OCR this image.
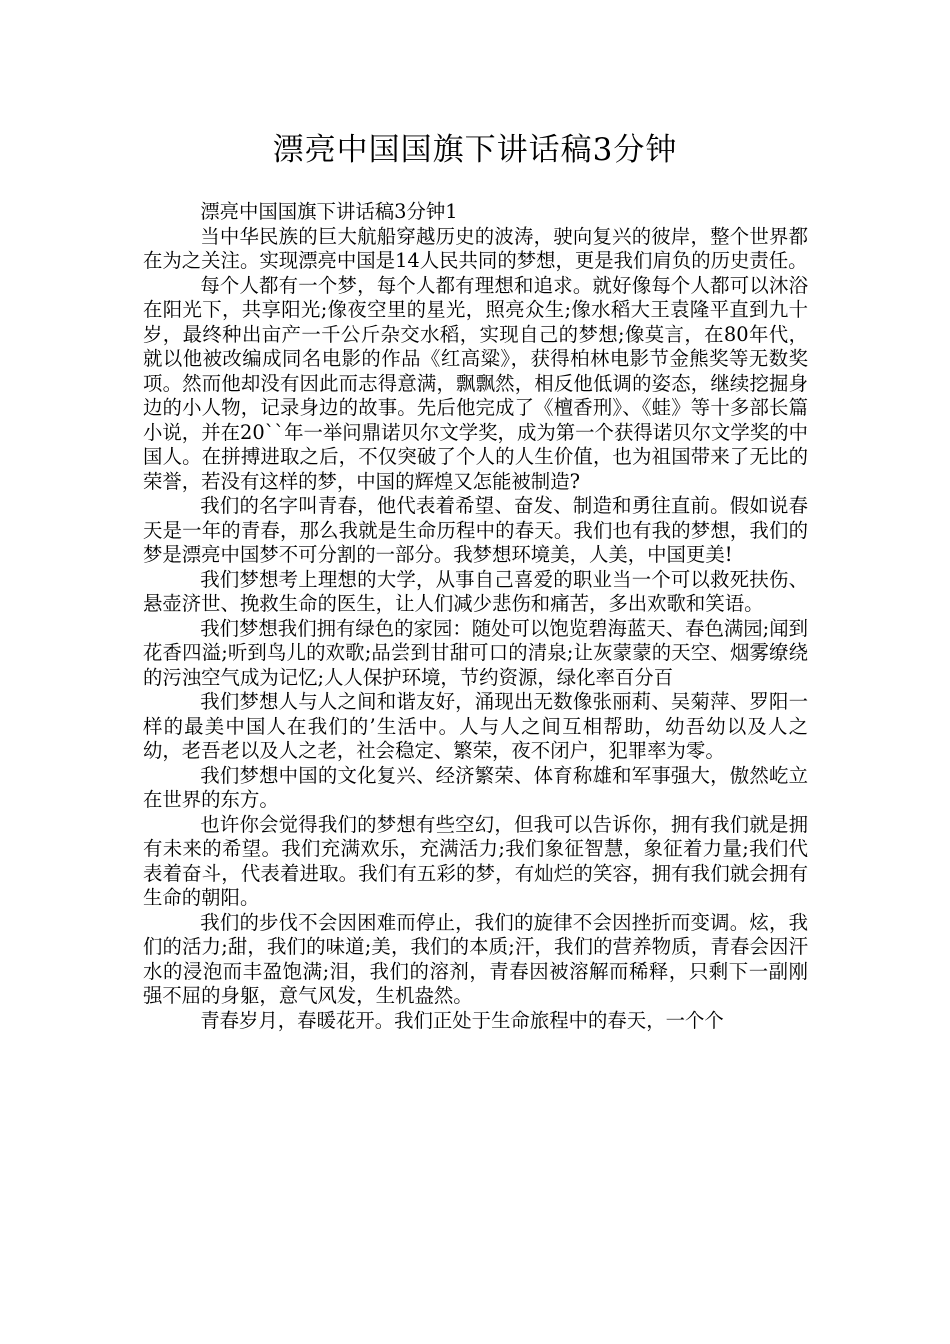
漂亮中国国旗下讲话稿3分钟

漂亮中国国旗下讲话稿3分钟1

当中华民族的巨大航船穿越历史的波涛，驶向复兴的彼岸，整个世界都在为之关注。实现漂亮中国是14人民共同的梦想，更是我们肩负的历史责任。

每个人都有一个梦，每个人都有理想和追求。就好像每个人都可以沐浴在阳光下，共享阳光;像夜空里的星光，照亮众生;像水稻大王袁隆平直到九十岁，最终种出亩产一千公斤杂交水稻，实现自己的梦想;像莫言，在80年代，就以他被改编成同名电影的作品《红高粱》，获得柏林电影节金熊奖等无数奖项。然而他却没有因此而志得意满，飘飘然，相反他低调的姿态，继续挖掘身边的小人物，记录身边的故事。先后他完成了《檀香刑》、《蛙》等十多部长篇小说，并在20``年一举问鼎诺贝尔文学奖，成为第一个获得诺贝尔文学奖的中国人。在拼搏进取之后，不仅突破了个人的人生价值，也为祖国带来了无比的荣誉，若没有这样的梦，中国的辉煌又怎能被制造?

我们的名字叫青春，他代表着希望、奋发、制造和勇往直前。假如说春天是一年的青春，那么我就是生命历程中的春天。我们也有我的梦想，我们的梦是漂亮中国梦不可分割的一部分。我梦想环境美，人美，中国更美!

我们梦想考上理想的大学，从事自己喜爱的职业当一个可以救死扶伤、悬壶济世、挽救生命的医生，让人们减少悲伤和痛苦，多出欢歌和笑语。

我们梦想我们拥有绿色的家园：随处可以饱览碧海蓝天、春色满园;闻到花香四溢;听到鸟儿的欢歌;品尝到甘甜可口的清泉;让灰蒙蒙的天空、烟雾缭绕的污浊空气成为记忆;人人保护环境，节约资源，绿化率百分百

我们梦想人与人之间和谐友好，涌现出无数像张丽莉、吴菊萍、罗阳一样的最美中国人在我们的’生活中。人与人之间互相帮助，幼吾幼以及人之幼，老吾老以及人之老，社会稳定、繁荣，夜不闭户，犯罪率为零。

我们梦想中国的文化复兴、经济繁荣、体育称雄和军事强大，傲然屹立在世界的东方。

也许你会觉得我们的梦想有些空幻，但我可以告诉你，拥有我们就是拥有未来的希望。我们充满欢乐，充满活力;我们象征智慧，象征着力量;我们代表着奋斗，代表着进取。我们有五彩的梦，有灿烂的笑容，拥有我们就会拥有生命的朝阳。

我们的步伐不会因困难而停止，我们的旋律不会因挫折而变调。炫，我们的活力;甜，我们的味道;美，我们的本质;汗，我们的营养物质，青春会因汗水的浸泡而丰盈饱满;泪，我们的溶剂，青春因被溶解而稀释，只剩下一副刚强不屈的身躯，意气风发，生机盎然。

青春岁月，春暖花开。我们正处于生命旅程中的春天，一个个
